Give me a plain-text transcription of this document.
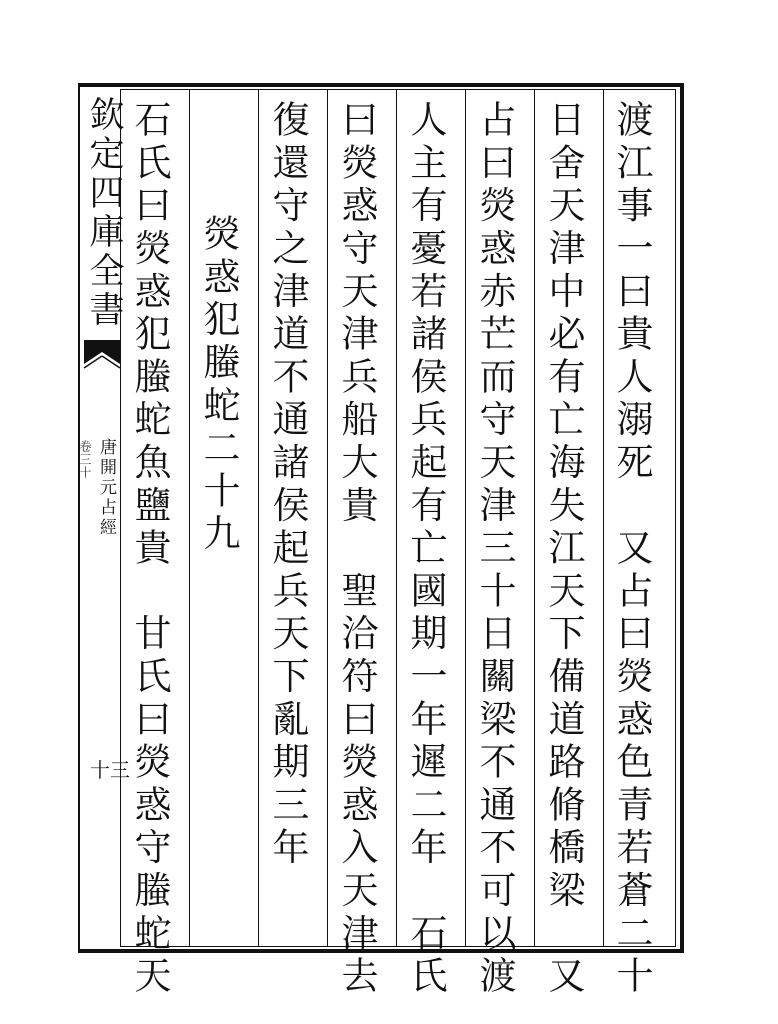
欽定四庫全書
卷三十 唐開元占經
十三	渡江事一曰貴人溺死　又占曰熒惑色青若蒼二十
日舍天津中必有亡海失江天下備道路脩橋梁　又
占曰熒惑赤芒而守天津三十日關梁不通不可以渡
人主有憂若諸侯兵起有亡國期一年遲二年　石氏
曰熒惑守天津兵船大貴　聖洽符曰熒惑入天津去
復還守之津道不通諸侯起兵天下亂期三年
熒惑犯螣蛇二十九
石氏曰熒惑犯螣蛇魚鹽貴　甘氏曰熒惑守螣蛇天
